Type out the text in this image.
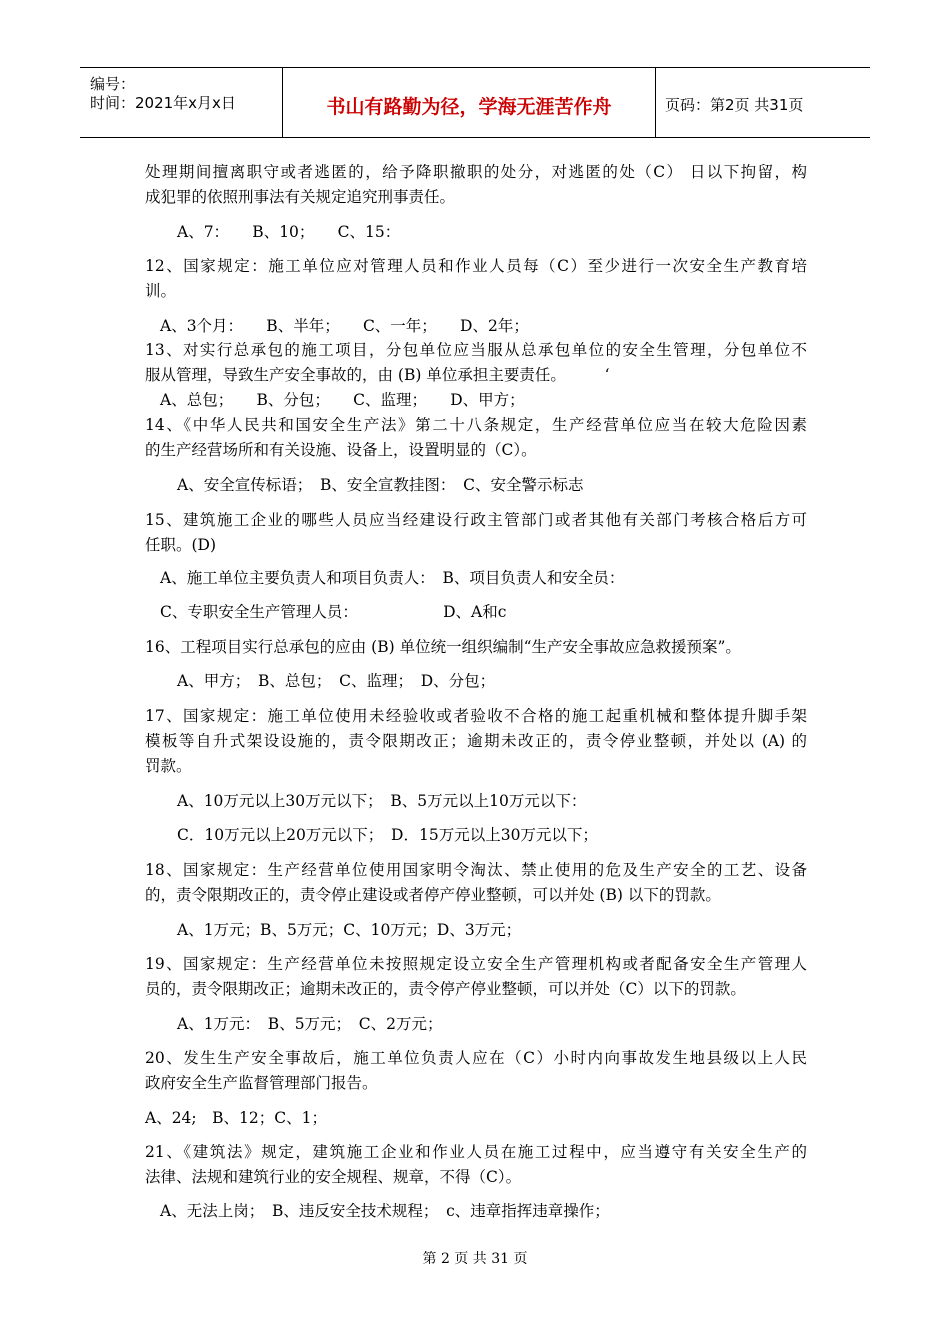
编号：
时间：2021年x月x日	书山有路勤为径，学海无涯苦作舟	页码：第2页 共31页
处理期间擅离职守或者逃匿的，给予降职撤职的处分，对逃匿的处（C） 日以下拘留，构
成犯罪的依照刑事法有关规定追究刑事责任。
A、7：　　B、10；　　C、15：
12、国家规定：施工单位应对管理人员和作业人员每（C）至少进行一次安全生产教育培
训。
A、3个月：　　B、半年；　　C、一年；　　D、2年；
13、对实行总承包的施工项目，分包单位应当服从总承包单位的安全生管理，分包单位不
服从管理，导致生产安全事故的，由 (B) 单位承担主要责任。　　　‘
A、总包；　　B、分包；　　C、监理；　　D、甲方；
14、《中华人民共和国安全生产法》第二十八条规定，生产经营单位应当在较大危险因素
的生产经营场所和有关设施、设备上，设置明显的（C）。
A、安全宣传标语；　B、安全宣教挂图：　C、安全警示标志
15、建筑施工企业的哪些人员应当经建设行政主管部门或者其他有关部门考核合格后方可
任职。(D)
A、施工单位主要负责人和项目负责人：　B、项目负责人和安全员：
C、专职安全生产管理人员：　　　　　　D、A和c
16、工程项目实行总承包的应由 (B) 单位统一组织编制“生产安全事故应急救援预案”。
A、甲方；　B、总包；　C、监理；　D、分包；
17、国家规定：施工单位使用未经验收或者验收不合格的施工起重机械和整体提升脚手架
模板等自升式架设设施的，责令限期改正；逾期未改正的，责令停业整顿，并处以 (A) 的
罚款。
A、10万元以上30万元以下；　B、5万元以上10万元以下：
C．10万元以上20万元以下；　D．15万元以上30万元以下；
18、国家规定：生产经营单位使用国家明令淘汰、禁止使用的危及生产安全的工艺、设备
的，责令限期改正的，责令停止建设或者停产停业整顿，可以并处 (B) 以下的罚款。
A、1万元；B、5万元；C、10万元；D、3万元；
19、国家规定：生产经营单位未按照规定设立安全生产管理机构或者配备安全生产管理人
员的，责令限期改正；逾期未改正的，责令停产停业整顿，可以并处（C）以下的罚款。
A、1万元：　B、5万元；　C、2万元；
20、发生生产安全事故后，施工单位负责人应在（C）小时内向事故发生地县级以上人民
政府安全生产监督管理部门报告。
A、24;　B、12；C、1；
21、《建筑法》规定，建筑施工企业和作业人员在施工过程中，应当遵守有关安全生产的
法律、法规和建筑行业的安全规程、规章，不得（C）。
A、无法上岗；　B、违反安全技术规程；　c、违章指挥违章操作；
第 2 页 共 31 页
